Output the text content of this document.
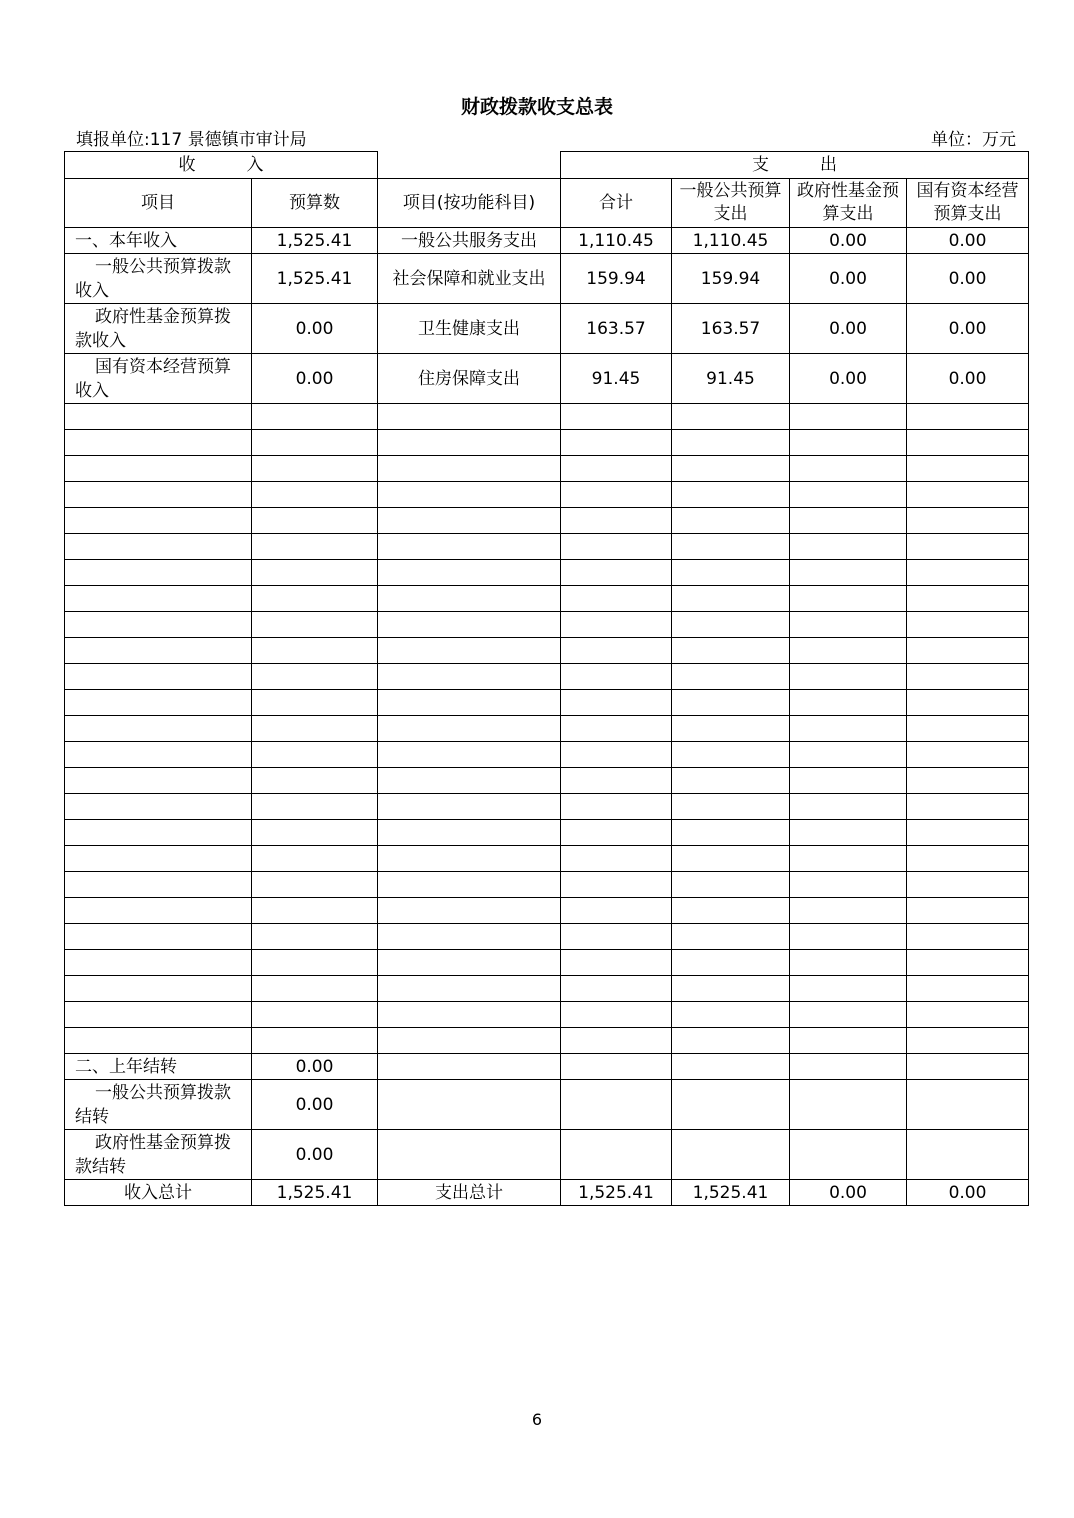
财政拨款收支总表
填报单位:117 景德镇市审计局	单位：万元
收　　　入			支　　　出			
项目	预算数	项目(按功能科目)	合计	一般公共预算支出	政府性基金预算支出	国有资本经营预算支出
一、本年收入	1,525.41	一般公共服务支出	1,110.45	1,110.45	0.00	0.00
一般公共预算拨款收入	1,525.41	社会保障和就业支出	159.94	159.94	0.00	0.00
政府性基金预算拨款收入	0.00	卫生健康支出	163.57	163.57	0.00	0.00
国有资本经营预算收入	0.00	住房保障支出	91.45	91.45	0.00	0.00

二、上年结转	0.00					
一般公共预算拨款结转	0.00					
政府性基金预算拨款结转	0.00					
收入总计	1,525.41	支出总计	1,525.41	1,525.41	0.00	0.00
6
